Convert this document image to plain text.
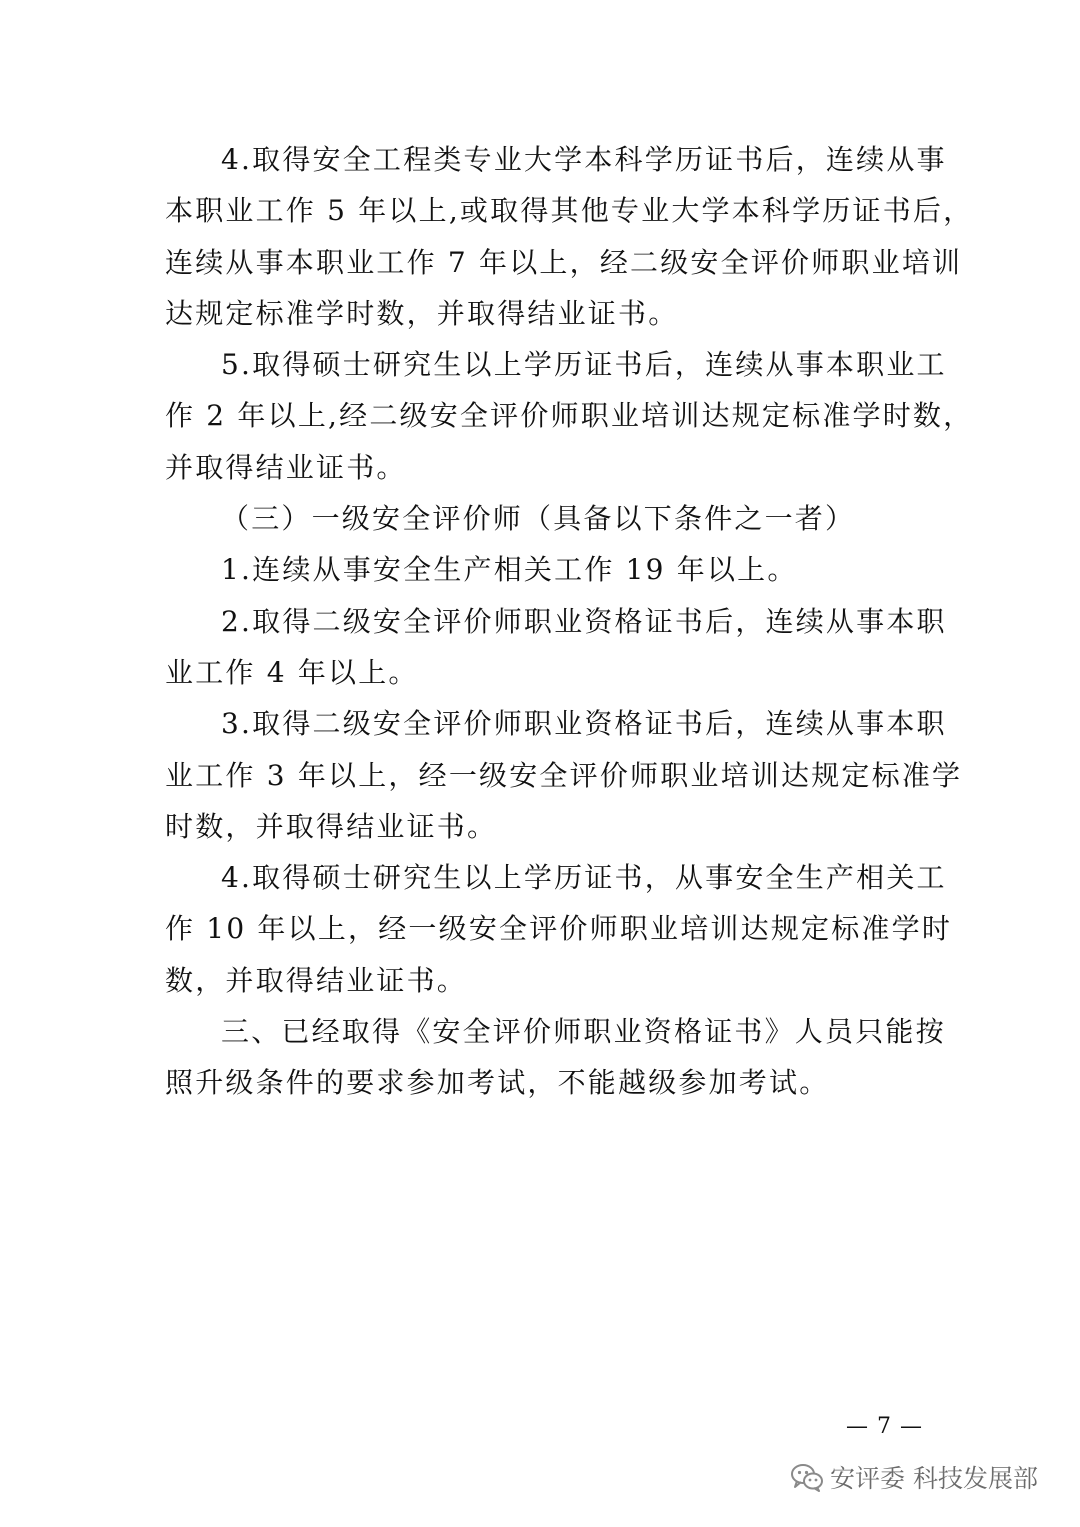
4.取得安全工程类专业大学本科学历证书后，连续从事
本职业工作 5 年以上,或取得其他专业大学本科学历证书后，
连续从事本职业工作 7 年以上，经二级安全评价师职业培训
达规定标准学时数，并取得结业证书。
5.取得硕士研究生以上学历证书后，连续从事本职业工
作 2 年以上,经二级安全评价师职业培训达规定标准学时数，
并取得结业证书。
（三）一级安全评价师（具备以下条件之一者）
1.连续从事安全生产相关工作 19 年以上。
2.取得二级安全评价师职业资格证书后，连续从事本职
业工作 4 年以上。
3.取得二级安全评价师职业资格证书后，连续从事本职
业工作 3 年以上，经一级安全评价师职业培训达规定标准学
时数，并取得结业证书。
4.取得硕士研究生以上学历证书，从事安全生产相关工
作 10 年以上，经一级安全评价师职业培训达规定标准学时
数，并取得结业证书。
三、已经取得《安全评价师职业资格证书》人员只能按
照升级条件的要求参加考试，不能越级参加考试。
— 7 —
安评委 科技发展部
